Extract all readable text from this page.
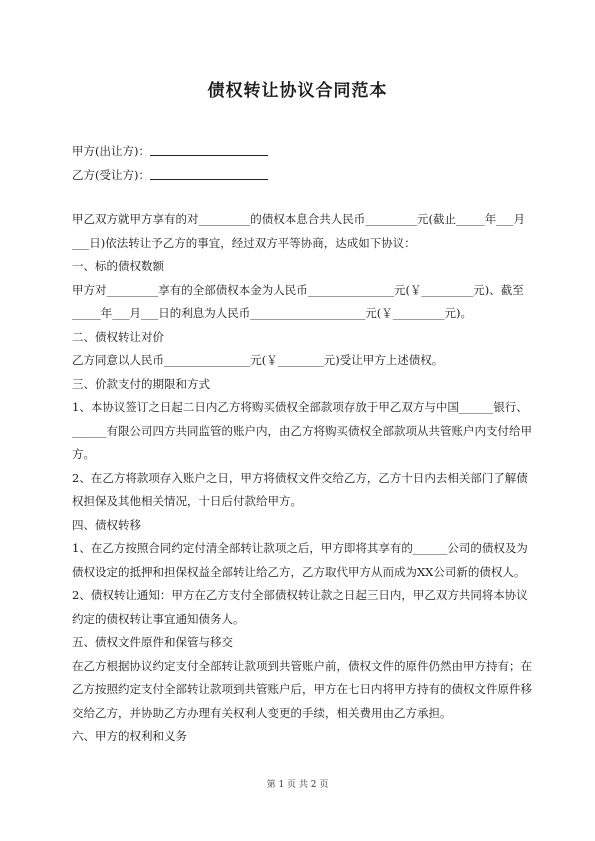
债权转让协议合同范本
甲方(出让方)：
乙方(受让方)：

甲乙双方就甲方享有的对_________的债权本息合共人民币_________元(截止_____年___月___日)依法转让予乙方的事宜，经过双方平等协商，达成如下协议：

一、标的债权数额

甲方对_________享有的全部债权本金为人民币_______________元(￥_________元)、截至_____年___月___日的利息为人民币____________________元(￥_________元)。

二、债权转让对价

乙方同意以人民币_______________元(￥________元)受让甲方上述债权。

三、价款支付的期限和方式

1、本协议签订之日起二日内乙方将购买债权全部款项存放于甲乙双方与中国______银行、______有限公司四方共同监管的账户内，由乙方将购买债权全部款项从共管账户内支付给甲方。

2、在乙方将款项存入账户之日，甲方将债权文件交给乙方，乙方十日内去相关部门了解债权担保及其他相关情况，十日后付款给甲方。

四、债权转移

1、在乙方按照合同约定付清全部转让款项之后，甲方即将其享有的______公司的债权及为债权设定的抵押和担保权益全部转让给乙方，乙方取代甲方从而成为XX公司新的债权人。

2、债权转让通知：甲方在乙方支付全部债权转让款之日起三日内，甲乙双方共同将本协议约定的债权转让事宜通知债务人。

五、债权文件原件和保管与移交

在乙方根据协议约定支付全部转让款项到共管账户前，债权文件的原件仍然由甲方持有；在乙方按照约定支付全部转让款项到共管账户后，甲方在七日内将甲方持有的债权文件原件移交给乙方，并协助乙方办理有关权利人变更的手续，相关费用由乙方承担。

六、甲方的权利和义务

第 1 页 共 2 页
